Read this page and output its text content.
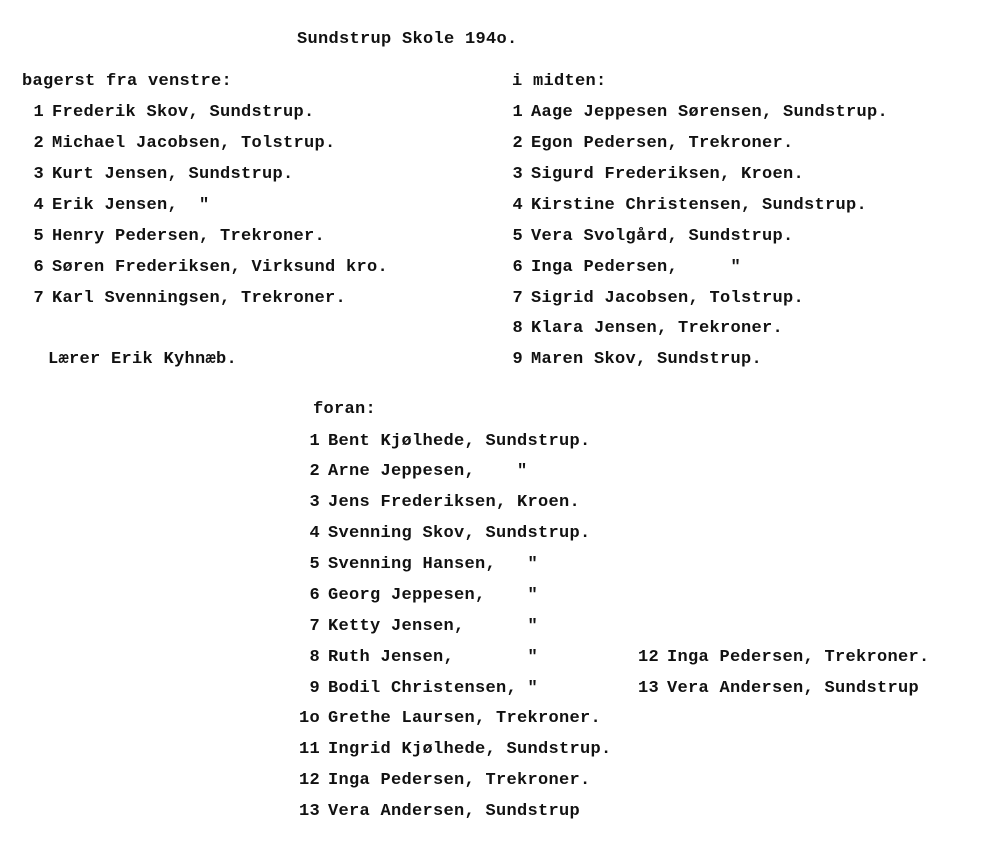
Sundstrup Skole 194o.
bagerst fra venstre:	i midten:
1 Frederik Skov, Sundstrup.
2 Michael Jacobsen, Tolstrup.
3 Kurt Jensen, Sundstrup.
4 Erik Jensen,  "
5 Henry Pedersen, Trekroner.
6 Søren Frederiksen, Virksund kro.
7 Karl Svenningsen, Trekroner.
Lærer Erik Kyhnæb.
1 Aage Jeppesen Sørensen, Sundstrup.
2 Egon Pedersen, Trekroner.
3 Sigurd Frederiksen, Kroen.
4 Kirstine Christensen, Sundstrup.
5 Vera Svolgård, Sundstrup.
6 Inga Pedersen,     "
7 Sigrid Jacobsen, Tolstrup.
8 Klara Jensen, Trekroner.
9 Maren Skov, Sundstrup.
foran:
1 Bent Kjølhede, Sundstrup.
2 Arne Jeppesen,    "
3 Jens Frederiksen, Kroen.
4 Svenning Skov, Sundstrup.
5 Svenning Hansen,   "
6 Georg Jeppesen,    "
7 Ketty Jensen,      "
8 Ruth Jensen,       "
9 Bodil Christensen, "
1o Grethe Laursen, Trekroner.
11 Ingrid Kjølhede, Sundstrup.
12 Inga Pedersen, Trekroner.
13 Vera Andersen, Sundstrup
12 Inga Pedersen, Trekroner.
13 Vera Andersen, Sundstrup
